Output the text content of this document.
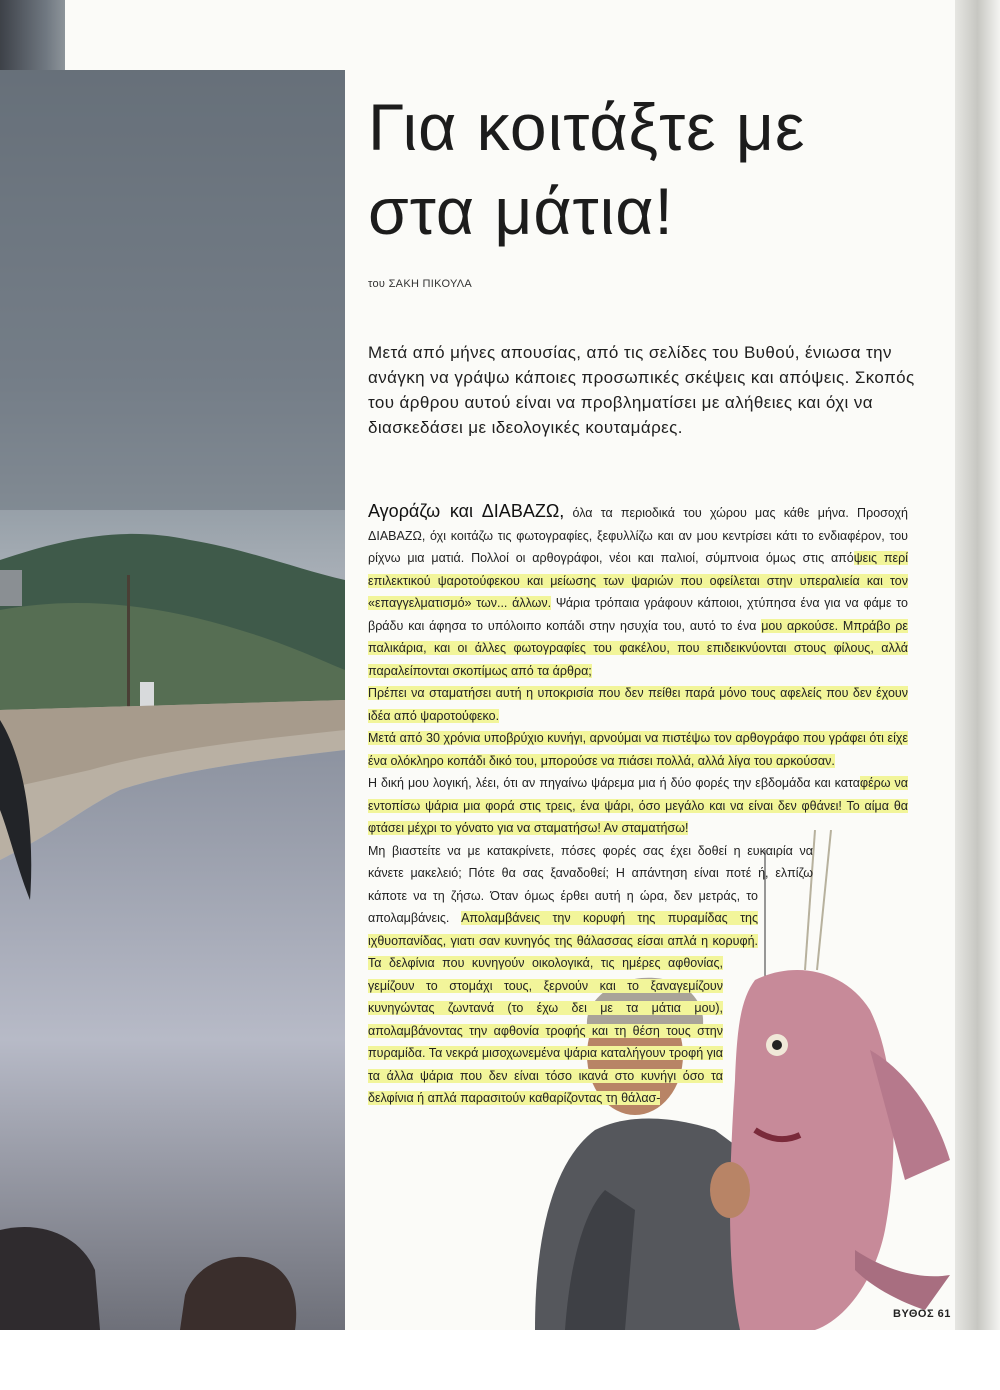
Για κοιτάξτε με
στα μάτια!
του ΣΑΚΗ ΠΙΚΟΥΛΑ

Μετά από μήνες απουσίας, από τις σελίδες του Βυθού, ένιωσα την ανάγκη να γράψω κάποιες προσωπικές σκέψεις και απόψεις. Σκοπός του άρθρου αυτού είναι να προβληματίσει με αλήθειες και όχι να διασκεδάσει με ιδεολογικές κουταμάρες.

Αγοράζω και ΔΙΑΒΑΖΩ, όλα τα περιοδικά του χώρου μας κάθε μήνα. Προσοχή ΔΙΑΒΑΖΩ, όχι κοιτάζω τις φωτογραφίες, ξεφυλλίζω και αν μου κεντρίσει κάτι το ενδιαφέρον, του ρίχνω μια ματιά. Πολλοί οι αρθογράφοι, νέοι και παλιοί, σύμπνοια όμως στις απόψεις περί επιλεκτικού ψαροτούφεκου και μείωσης των ψαριών που οφείλεται στην υπεραλιεία και τον «επαγγελματισμό» των... άλλων. Ψάρια τρόπαια γράφουν κάποιοι, χτύπησα ένα για να φάμε το βράδυ και άφησα το υπόλοιπο κοπάδι στην ησυχία του, αυτό το ένα μου αρκούσε. Μπράβο ρε παλικάρια, και οι άλλες φωτογραφίες του φακέλου, που επιδεικνύονται στους φίλους, αλλά παραλείπονται σκοπίμως από τα άρθρα;

Πρέπει να σταματήσει αυτή η υποκρισία που δεν πείθει παρά μόνο τους αφελείς που δεν έχουν ιδέα από ψαροτούφεκο.

Μετά από 30 χρόνια υποβρύχιο κυνήγι, αρνούμαι να πιστέψω τον αρθογράφο που γράφει ότι είχε ένα ολόκληρο κοπάδι δικό του, μπορούσε να πιάσει πολλά, αλλά λίγα του αρκούσαν.

Η δική μου λογική, λέει, ότι αν πηγαίνω ψάρεμα μια ή δύο φορές την εβδομάδα και καταφέρω να εντοπίσω ψάρια μια φορά στις τρεις, ένα ψάρι, όσο μεγάλο και να είναι δεν φθάνει! Το αίμα θα φτάσει μέχρι το γόνατο για να σταματήσω! Αν σταματήσω!

Μη βιαστείτε να με κατακρίνετε, πόσες φορές σας έχει δοθεί η ευκαιρία να κάνετε μακελειό; Πότε θα σας ξαναδοθεί; Η απάντηση είναι ποτέ ή, ελπίζω κάποτε να τη ζήσω. Όταν όμως έρθει αυτή η ώρα, δεν μετράς, το απολαμβάνεις. Απολαμβάνεις την κορυφή της πυραμίδας της ιχθυοπανίδας, γιατι σαν κυνηγός της θάλασσας είσαι απλά η κορυφή. Τα δελφίνια που κυνηγούν οικολογικά, τις ημέρες αφθονίας, γεμίζουν το στομάχι τους, ξερνούν και το ξαναγεμίζουν κυνηγώντας ζωντανά (το έχω δει με τα μάτια μου), απολαμβάνοντας την αφθονία τροφής και τη θέση τους στην πυραμίδα. Τα νεκρά μισοχωνεμένα ψάρια καταλήγουν τροφή για τα άλλα ψάρια που δεν είναι τόσο ικανά στο κυνήγι όσο τα δελφίνια ή απλά παρασιτούν καθαρίζοντας τη θάλασ-

ΒΥΘΟΣ 61
